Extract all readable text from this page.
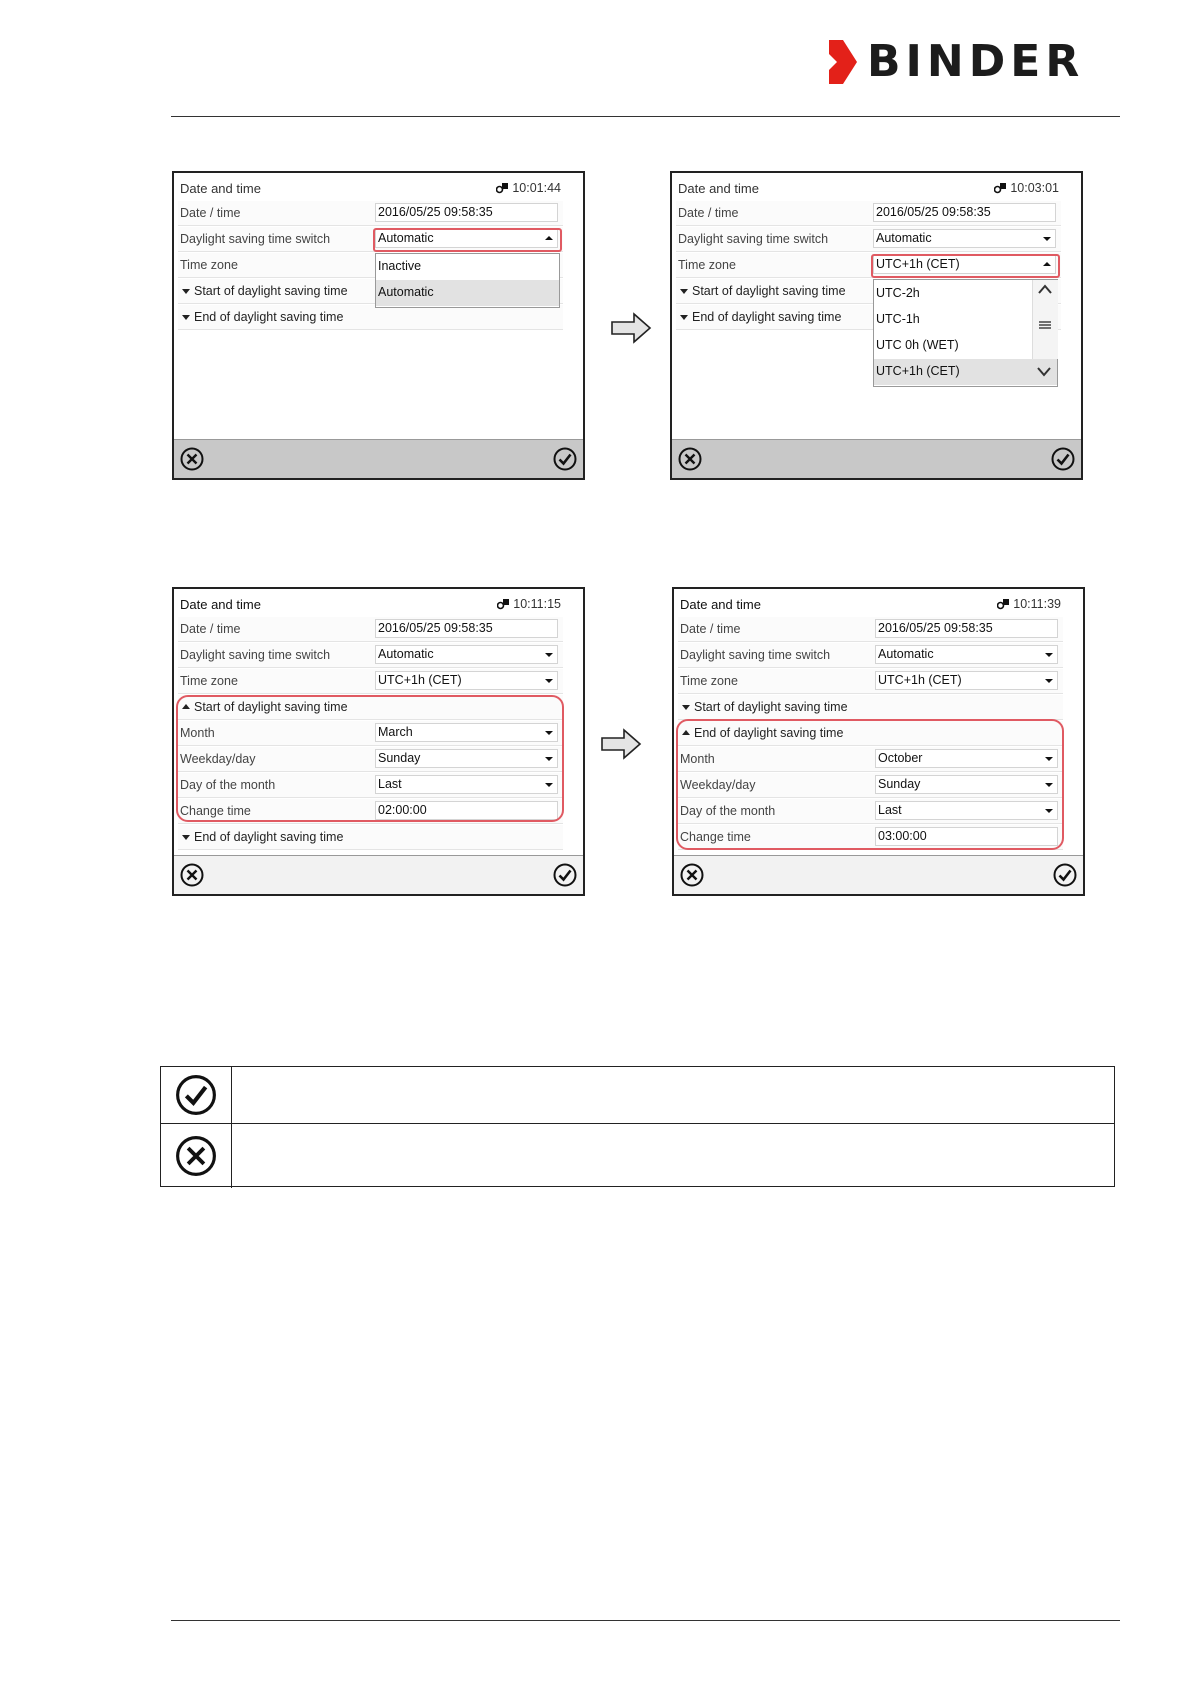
BINDER
Date and time	10:01:44
Date / time	2016/05/25 09:58:35
Daylight saving time switch	Automatic
Time zone
Start of daylight saving time
End of daylight saving time
Inactive
Automatic
Date and time	10:03:01
Date / time	2016/05/25 09:58:35
Daylight saving time switch	Automatic
Time zone	UTC+1h (CET)
Start of daylight saving time
End of daylight saving time
UTC-2h
UTC-1h
UTC 0h (WET)
UTC+1h (CET)
Date and time	10:11:15
Date / time	2016/05/25 09:58:35
Daylight saving time switch	Automatic
Time zone	UTC+1h (CET)
Start of daylight saving time
Month	March
Weekday/day	Sunday
Day of the month	Last
Change time	02:00:00
End of daylight saving time
Date and time	10:11:39
Date / time	2016/05/25 09:58:35
Daylight saving time switch	Automatic
Time zone	UTC+1h (CET)
Start of daylight saving time
End of daylight saving time
Month	October
Weekday/day	Sunday
Day of the month	Last
Change time	03:00:00
